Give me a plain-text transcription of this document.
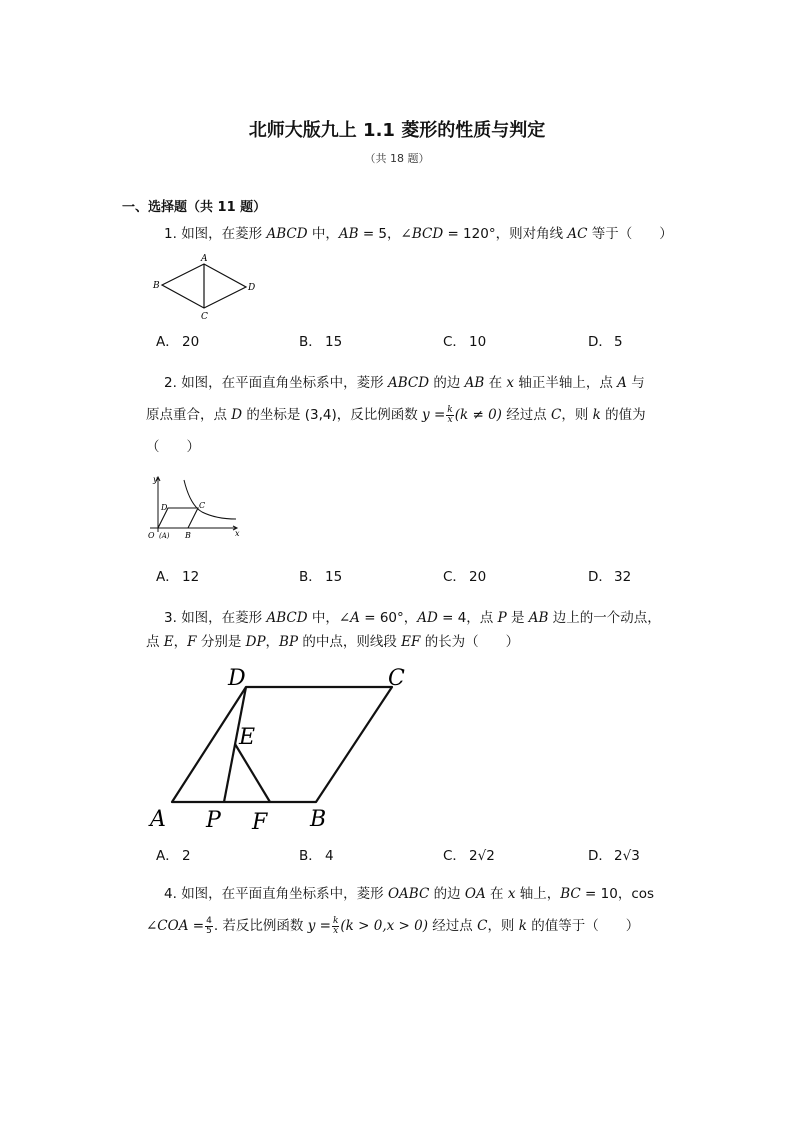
北师大版九上 1.1 菱形的性质与判定
（共 18 题）
一、选择题（共 11 题）
1. 如图，在菱形 ABCD 中，AB = 5，∠BCD = 120°，则对角线 AC 等于（　　）
A
B
C
D
A． 20	B． 15	C． 10	D． 5
2. 如图，在平面直角坐标系中，菱形 ABCD 的边 AB 在 x 轴正半轴上，点 A 与
原点重合，点 D 的坐标是 (3,4)，反比例函数 $y = \frac{k}{x} (k \ne 0)$ 经过点 C，则 k 的值为
（　　）
y
D	C
O (A) B	x
A． 12	B． 15	C． 20	D． 32
3. 如图，在菱形 ABCD 中，∠A = 60°，AD = 4，点 P 是 AB 边上的一个动点，
点 E，F 分别是 DP，BP 的中点，则线段 EF 的长为（　　）
D	C
E
A P F B
A． 2	B． 4	C． 2√2	D． 2√3
4. 如图，在平面直角坐标系中，菱形 OABC 的边 OA 在 x 轴上，BC = 10，cos
∠COA = $\frac{4}{5}$ . 若反比例函数 $y = \frac{k}{x} (k > 0,x > 0)$ 经过点 C，则 k 的值等于（　　）
